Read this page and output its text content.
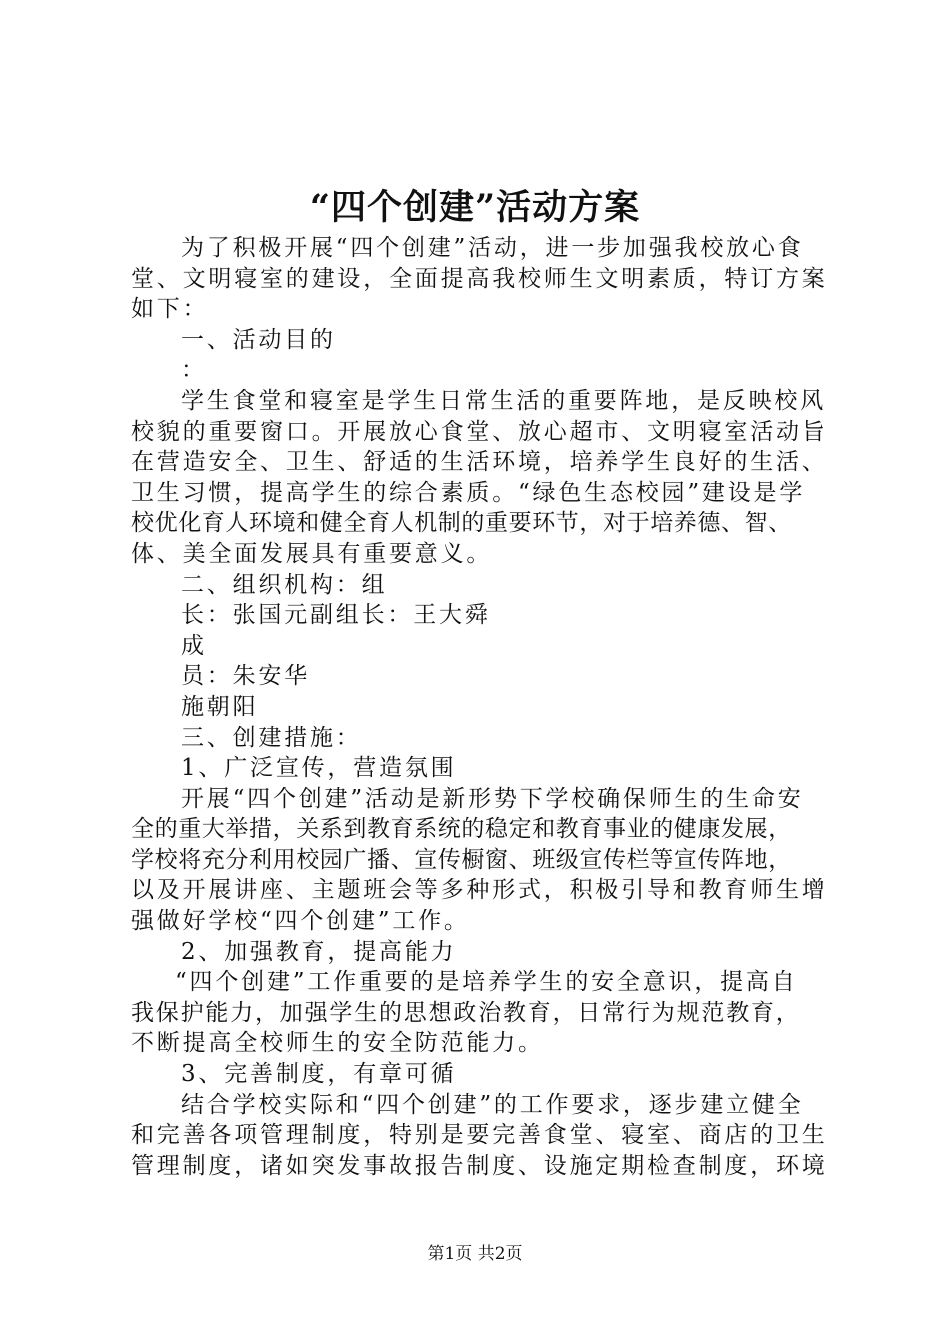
“四个创建”活动方案
为了积极开展“四个创建”活动，进一步加强我校放心食
堂、文明寝室的建设，全面提高我校师生文明素质，特订方案
如下：
一、活动目的
：
学生食堂和寝室是学生日常生活的重要阵地，是反映校风
校貌的重要窗口。开展放心食堂、放心超市、文明寝室活动旨
在营造安全、卫生、舒适的生活环境，培养学生良好的生活、
卫生习惯，提高学生的综合素质。“绿色生态校园”建设是学
校优化育人环境和健全育人机制的重要环节，对于培养德、智、
体、美全面发展具有重要意义。
二、组织机构：组
长：张国元副组长：王大舜
成
员：朱安华
施朝阳
三、创建措施：
1、广泛宣传，营造氛围
开展“四个创建”活动是新形势下学校确保师生的生命安
全的重大举措，关系到教育系统的稳定和教育事业的健康发展，
学校将充分利用校园广播、宣传橱窗、班级宣传栏等宣传阵地，
以及开展讲座、主题班会等多种形式，积极引导和教育师生增
强做好学校“四个创建”工作。
2、加强教育，提高能力
“四个创建”工作重要的是培养学生的安全意识，提高自
我保护能力，加强学生的思想政治教育，日常行为规范教育，
不断提高全校师生的安全防范能力。
3、完善制度，有章可循
结合学校实际和“四个创建”的工作要求，逐步建立健全
和完善各项管理制度，特别是要完善食堂、寝室、商店的卫生
管理制度，诸如突发事故报告制度、设施定期检查制度，环境
第1页 共2页
